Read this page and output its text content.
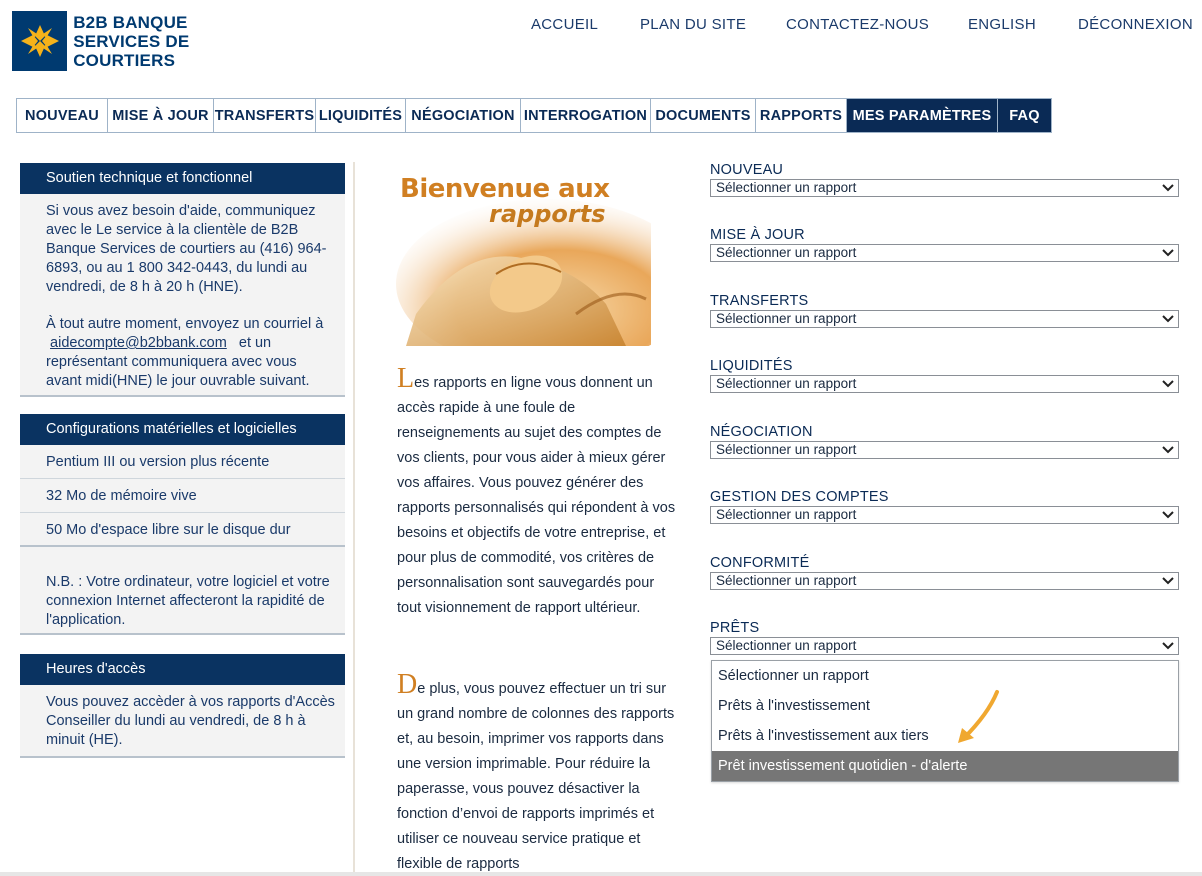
B2B BANQUE
SERVICES DE COURTIERS
ACCUEIL	PLAN DU SITE	CONTACTEZ-NOUS	ENGLISH	DÉCONNEXION
NOUVEAU MISE À JOUR TRANSFERTS LIQUIDITÉS NÉGOCIATION INTERROGATION DOCUMENTS RAPPORTS MES PARAMÈTRES	FAQ
Soutien technique et fonctionnel

Si vous avez besoin d'aide, communiquez avec le Le service à la clientèle de B2B Banque Services de courtiers au (416) 964-6893, ou au 1 800 342-0443, du lundi au vendredi, de 8 h à 20 h (HNE).

À tout autre moment, envoyez un courriel à
aidecompte@b2bbank.com et un représentant communiquera avec vous avant midi(HNE) le jour ouvrable suivant.

Configurations matérielles et logicielles
Pentium III ou version plus récente
32 Mo de mémoire vive
50 Mo d'espace libre sur le disque dur
N.B. : Votre ordinateur, votre logiciel et votre connexion Internet affecteront la rapidité de l'application.
Heures d'accès
Vous pouvez accèder à vos rapports d'Accès Conseiller du lundi au vendredi, de 8 h à minuit (HE).
Bienvenue aux
rapports
Les rapports en ligne vous donnent un accès rapide à une foule de renseignements au sujet des comptes de vos clients, pour vous aider à mieux gérer vos affaires. Vous pouvez générer des rapports personnalisés qui répondent à vos besoins et objectifs de votre entreprise, et pour plus de commodité, vos critères de personnalisation sont sauvegardés pour tout visionnement de rapport ultérieur.
De plus, vous pouvez effectuer un tri sur un grand nombre de colonnes des rapports et, au besoin, imprimer vos rapports dans une version imprimable. Pour réduire la paperasse, vous pouvez désactiver la fonction d’envoi de rapports imprimés et utiliser ce nouveau service pratique et flexible de rapports
NOUVEAU
Sélectionner un rapport
MISE À JOUR
Sélectionner un rapport
TRANSFERTS
Sélectionner un rapport
LIQUIDITÉS
Sélectionner un rapport
NÉGOCIATION
Sélectionner un rapport
GESTION DES COMPTES
Sélectionner un rapport
CONFORMITÉ
Sélectionner un rapport
PRÊTS
Sélectionner un rapport
Sélectionner un rapport
Prêts à l'investissement
Prêts à l'investissement aux tiers
Prêt investissement quotidien - d'alerte
